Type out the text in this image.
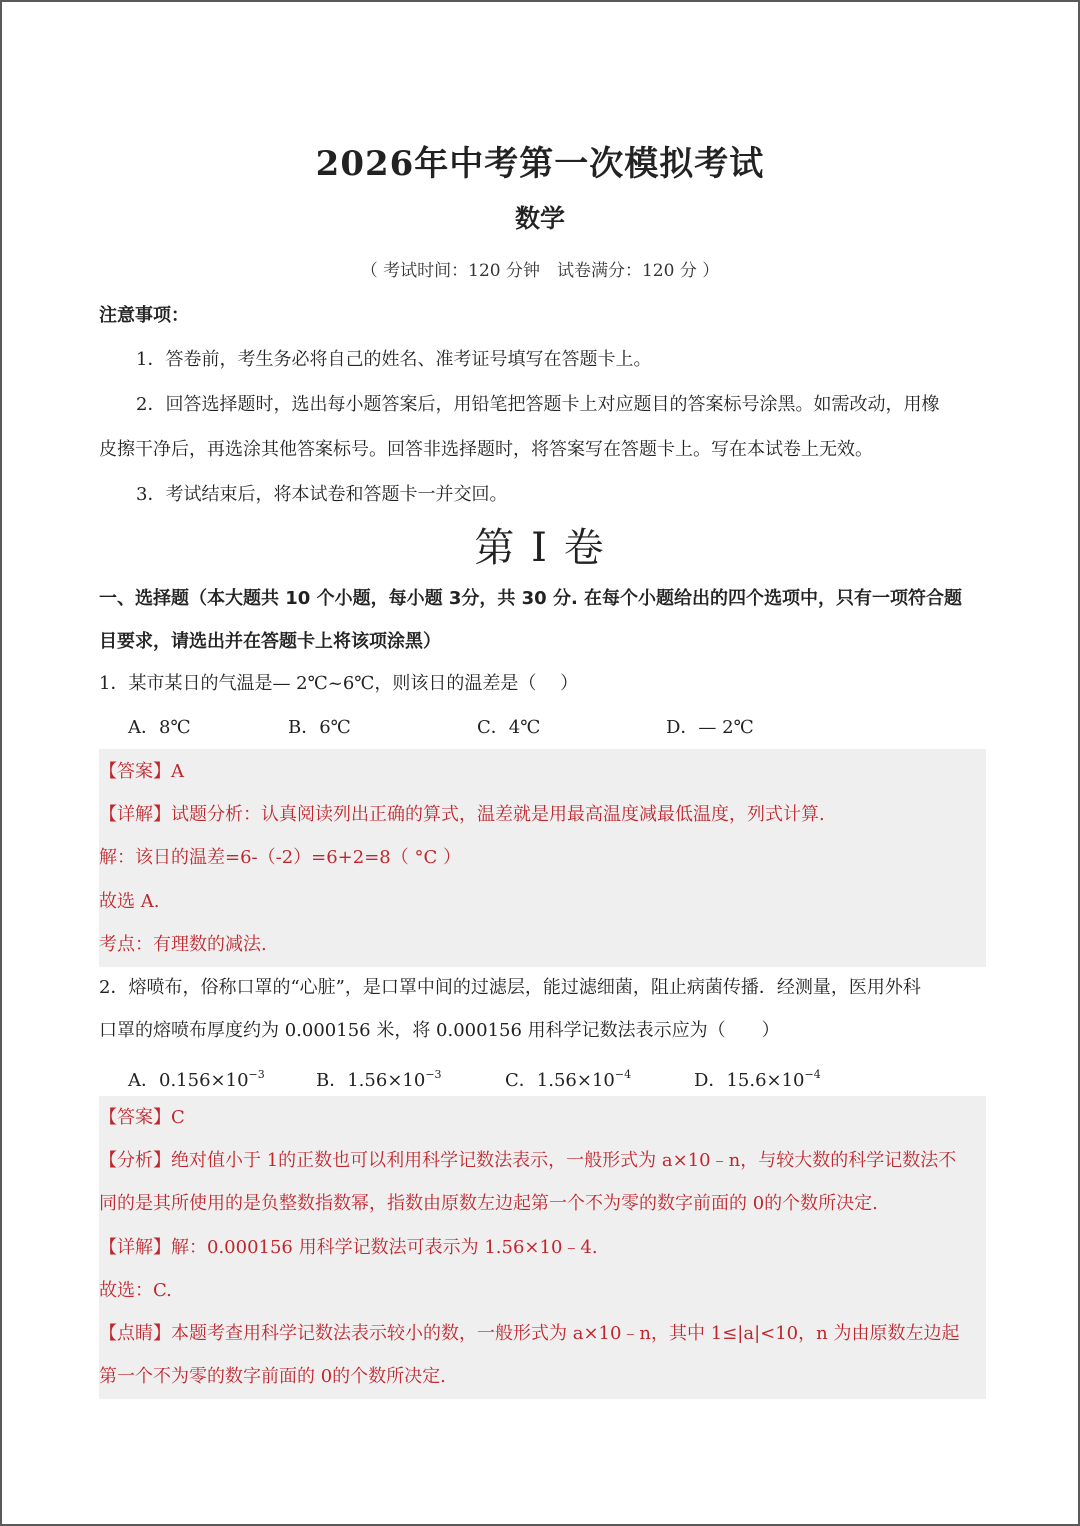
2026年中考第一次模拟考试
数学
（ 考试时间：120 分钟　试卷满分：120 分 ）
注意事项：
1．答卷前，考生务必将自己的姓名、准考证号填写在答题卡上。
2．回答选择题时，选出每小题答案后，用铅笔把答题卡上对应题目的答案标号涂黑。如需改动，用橡
皮擦干净后，再选涂其他答案标号。回答非选择题时，将答案写在答题卡上。写在本试卷上无效。
3．考试结束后，将本试卷和答题卡一并交回。
第 I 卷
一、选择题（本大题共 10 个小题，每小题 3分，共 30 分. 在每个小题给出的四个选项中，只有一项符合题
目要求，请选出并在答题卡上将该项涂黑）
1．某市某日的气温是— 2℃~6℃，则该日的温差是（　 ）
A．8℃	B．6℃	C．4℃	D．— 2℃
【答案】A
【详解】试题分析：认真阅读列出正确的算式，温差就是用最高温度减最低温度，列式计算.
解：该日的温差=6-（-2）=6+2=8（ °C ）
故选 A.
考点：有理数的减法.
2．熔喷布，俗称口罩的“心脏”，是口罩中间的过滤层，能过滤细菌，阻止病菌传播．经测量，医用外科
口罩的熔喷布厚度约为 0.000156 米，将 0.000156 用科学记数法表示应为（　　）
A．$0.156\times 10^{-3}$	B．$1.56\times 10^{-3}$	C．$1.56\times 10^{-4}$	D．$15.6\times 10^{-4}$
【答案】C
【分析】绝对值小于 1的正数也可以利用科学记数法表示，一般形式为 a×10﹣n，与较大数的科学记数法不
同的是其所使用的是负整数指数幂，指数由原数左边起第一个不为零的数字前面的 0的个数所决定.
【详解】解：0.000156 用科学记数法可表示为 1.56×10﹣4.
故选：C.
【点睛】本题考查用科学记数法表示较小的数，一般形式为 a×10﹣n，其中 1≤|a|<10，n 为由原数左边起
第一个不为零的数字前面的 0的个数所决定.
